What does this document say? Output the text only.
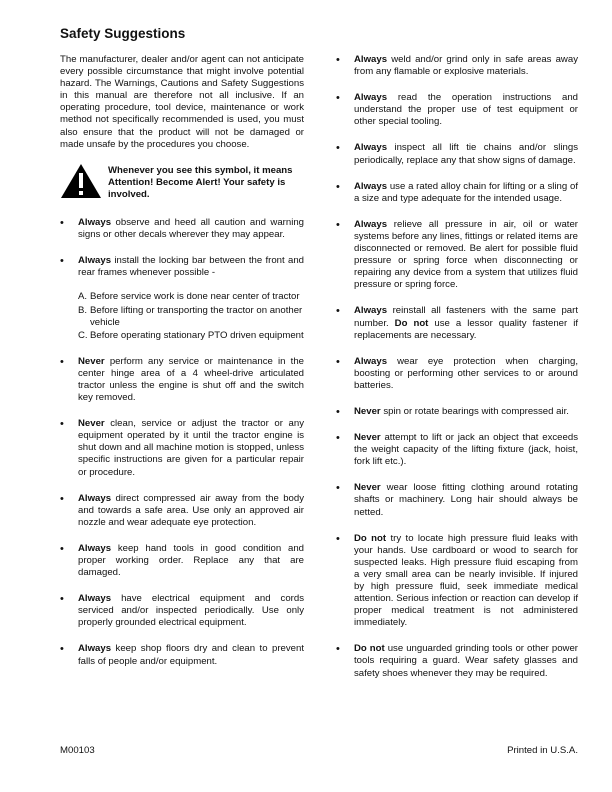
Safety Suggestions

The manufacturer, dealer and/or agent can not anticipate every possible circumstance that might involve potential hazard. The Warnings, Cautions and Safety Suggestions in this manual are therefore not all inclusive. If an operating procedure, tool device, maintenance or work method not specifically recommended is used, you must also ensure that the product will not be damaged or made unsafe by the procedures you choose.

Whenever you see this symbol, it means Attention! Become Alert! Your safety is involved.
• Always observe and heed all caution and warning signs or other decals wherever they may appear.
• Always install the locking bar between the front and rear frames whenever possible -
A. Before service work is done near center of tractor
B. Before lifting or transporting the tractor on another vehicle
C. Before operating stationary PTO driven equipment
• Never perform any service or maintenance in the center hinge area of a 4 wheel-drive articulated tractor unless the engine is shut off and the switch key removed.
• Never clean, service or adjust the tractor or any equipment operated by it until the tractor engine is shut down and all machine motion is stopped, unless specific instructions are given for a particular repair or procedure.
• Always direct compressed air away from the body and towards a safe area. Use only an approved air nozzle and wear adequate eye protection.
• Always keep hand tools in good condition and proper working order. Replace any that are damaged.
• Always have electrical equipment and cords serviced and/or inspected periodically. Use only properly grounded electrical equipment.
• Always keep shop floors dry and clean to prevent falls of people and/or equipment.
• Always weld and/or grind only in safe areas away from any flamable or explosive materials.
• Always read the operation instructions and understand the proper use of test equipment or other special tooling.
• Always inspect all lift tie chains and/or slings periodically, replace any that show signs of damage.
• Always use a rated alloy chain for lifting or a sling of a size and type adequate for the intended usage.
• Always relieve all pressure in air, oil or water systems before any lines, fittings or related items are disconnected or removed. Be alert for possible fluid pressure or spring force when disconnecting or repairing any device from a system that utilizes fluid pressure or spring force.
• Always reinstall all fasteners with the same part number. Do not use a lessor quality fastener if replacements are necessary.
• Always wear eye protection when charging, boosting or performing other services to or around batteries.
• Never spin or rotate bearings with compressed air.
• Never attempt to lift or jack an object that exceeds the weight capacity of the lifting fixture (jack, hoist, fork lift etc.).
• Never wear loose fitting clothing around rotating shafts or machinery. Long hair should always be netted.
• Do not try to locate high pressure fluid leaks with your hands. Use cardboard or wood to search for suspected leaks. High pressure fluid escaping from a very small area can be nearly invisible. If injured by high pressure fluid, seek immediate medical attention. Serious infection or reaction can develop if proper medical treatment is not administered immediately.
• Do not use unguarded grinding tools or other power tools requiring a guard. Wear safety glasses and safety shoes whenever they may be required.
M00103	Printed in U.S.A.
